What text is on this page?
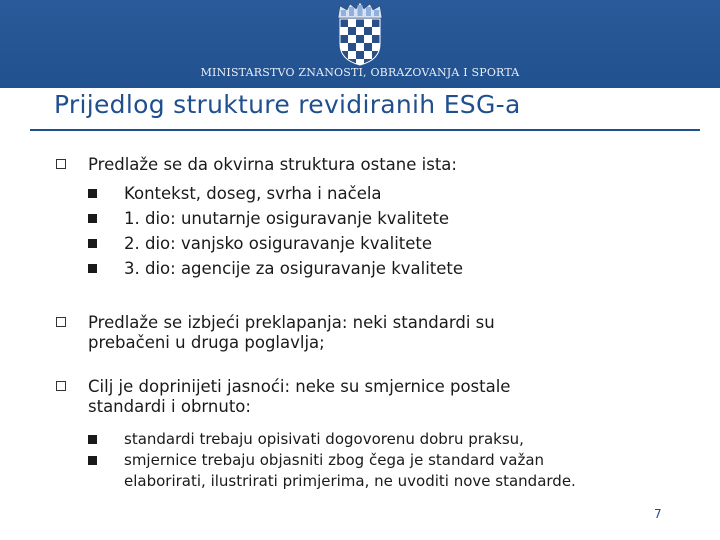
MINISTARSTVO ZNANOSTI, OBRAZOVANJA I SPORTA
Prijedlog strukture revidiranih ESG-a
Predlaže se da okvirna struktura ostane ista:
Kontekst, doseg, svrha i načela
1. dio: unutarnje osiguravanje kvalitete
2. dio: vanjsko osiguravanje kvalitete
3. dio: agencije za osiguravanje kvalitete
Predlaže se izbjeći preklapanja: neki standardi su
prebačeni u druga poglavlja;
Cilj je doprinijeti jasnoći: neke su smjernice postale
standardi i obrnuto:
standardi trebaju opisivati dogovorenu dobru praksu,
smjernice trebaju objasniti zbog čega je standard važan
elaborirati, ilustrirati primjerima, ne uvoditi nove standarde.
7
